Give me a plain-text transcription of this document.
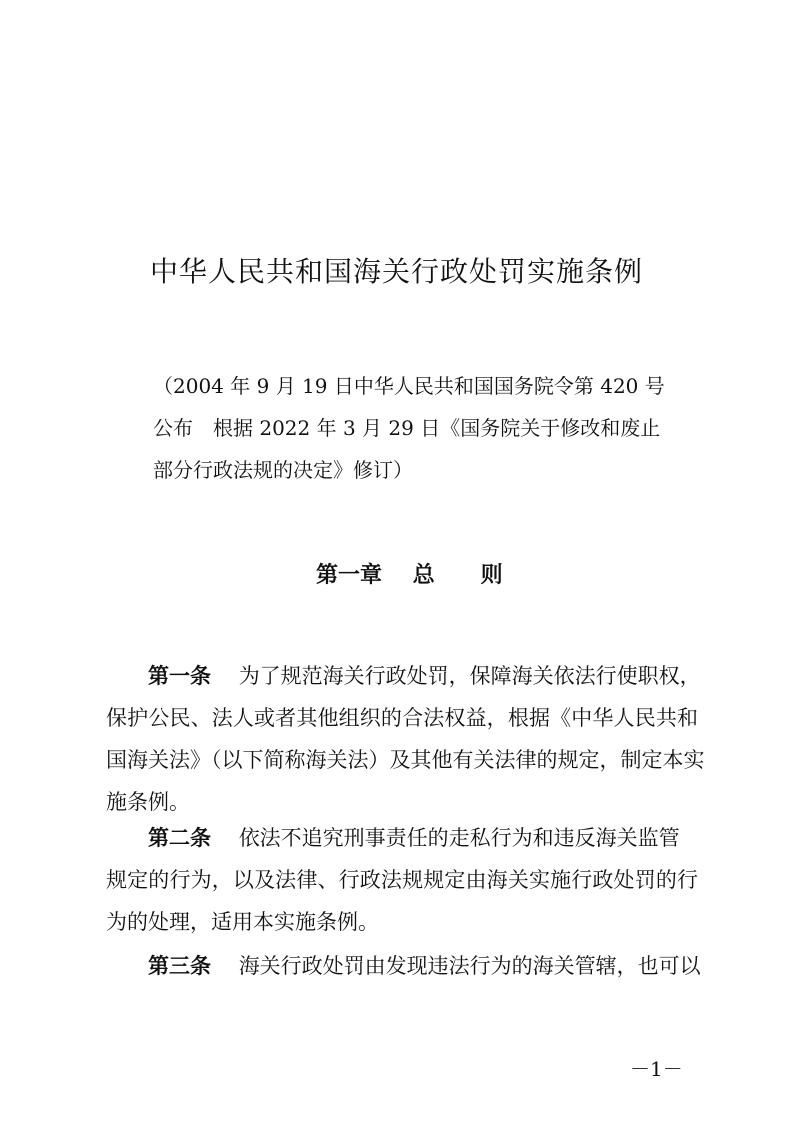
中华人民共和国海关行政处罚实施条例
（2004 年 9 月 19 日中华人民共和国国务院令第 420 号
公布　根据 2022 年 3 月 29 日《国务院关于修改和废止
部分行政法规的决定》修订）
第一章 总 则
第一条　 为了规范海关行政处罚，保障海关依法行使职权，
保护公民、法人或者其他组织的合法权益，根据《中华人民共和
国海关法》（以下简称海关法）及其他有关法律的规定，制定本实
施条例。
第二条　 依法不追究刑事责任的走私行为和违反海关监管
规定的行为，以及法律、行政法规规定由海关实施行政处罚的行
为的处理，适用本实施条例。
第三条　 海关行政处罚由发现违法行为的海关管辖，也可以
－1－
